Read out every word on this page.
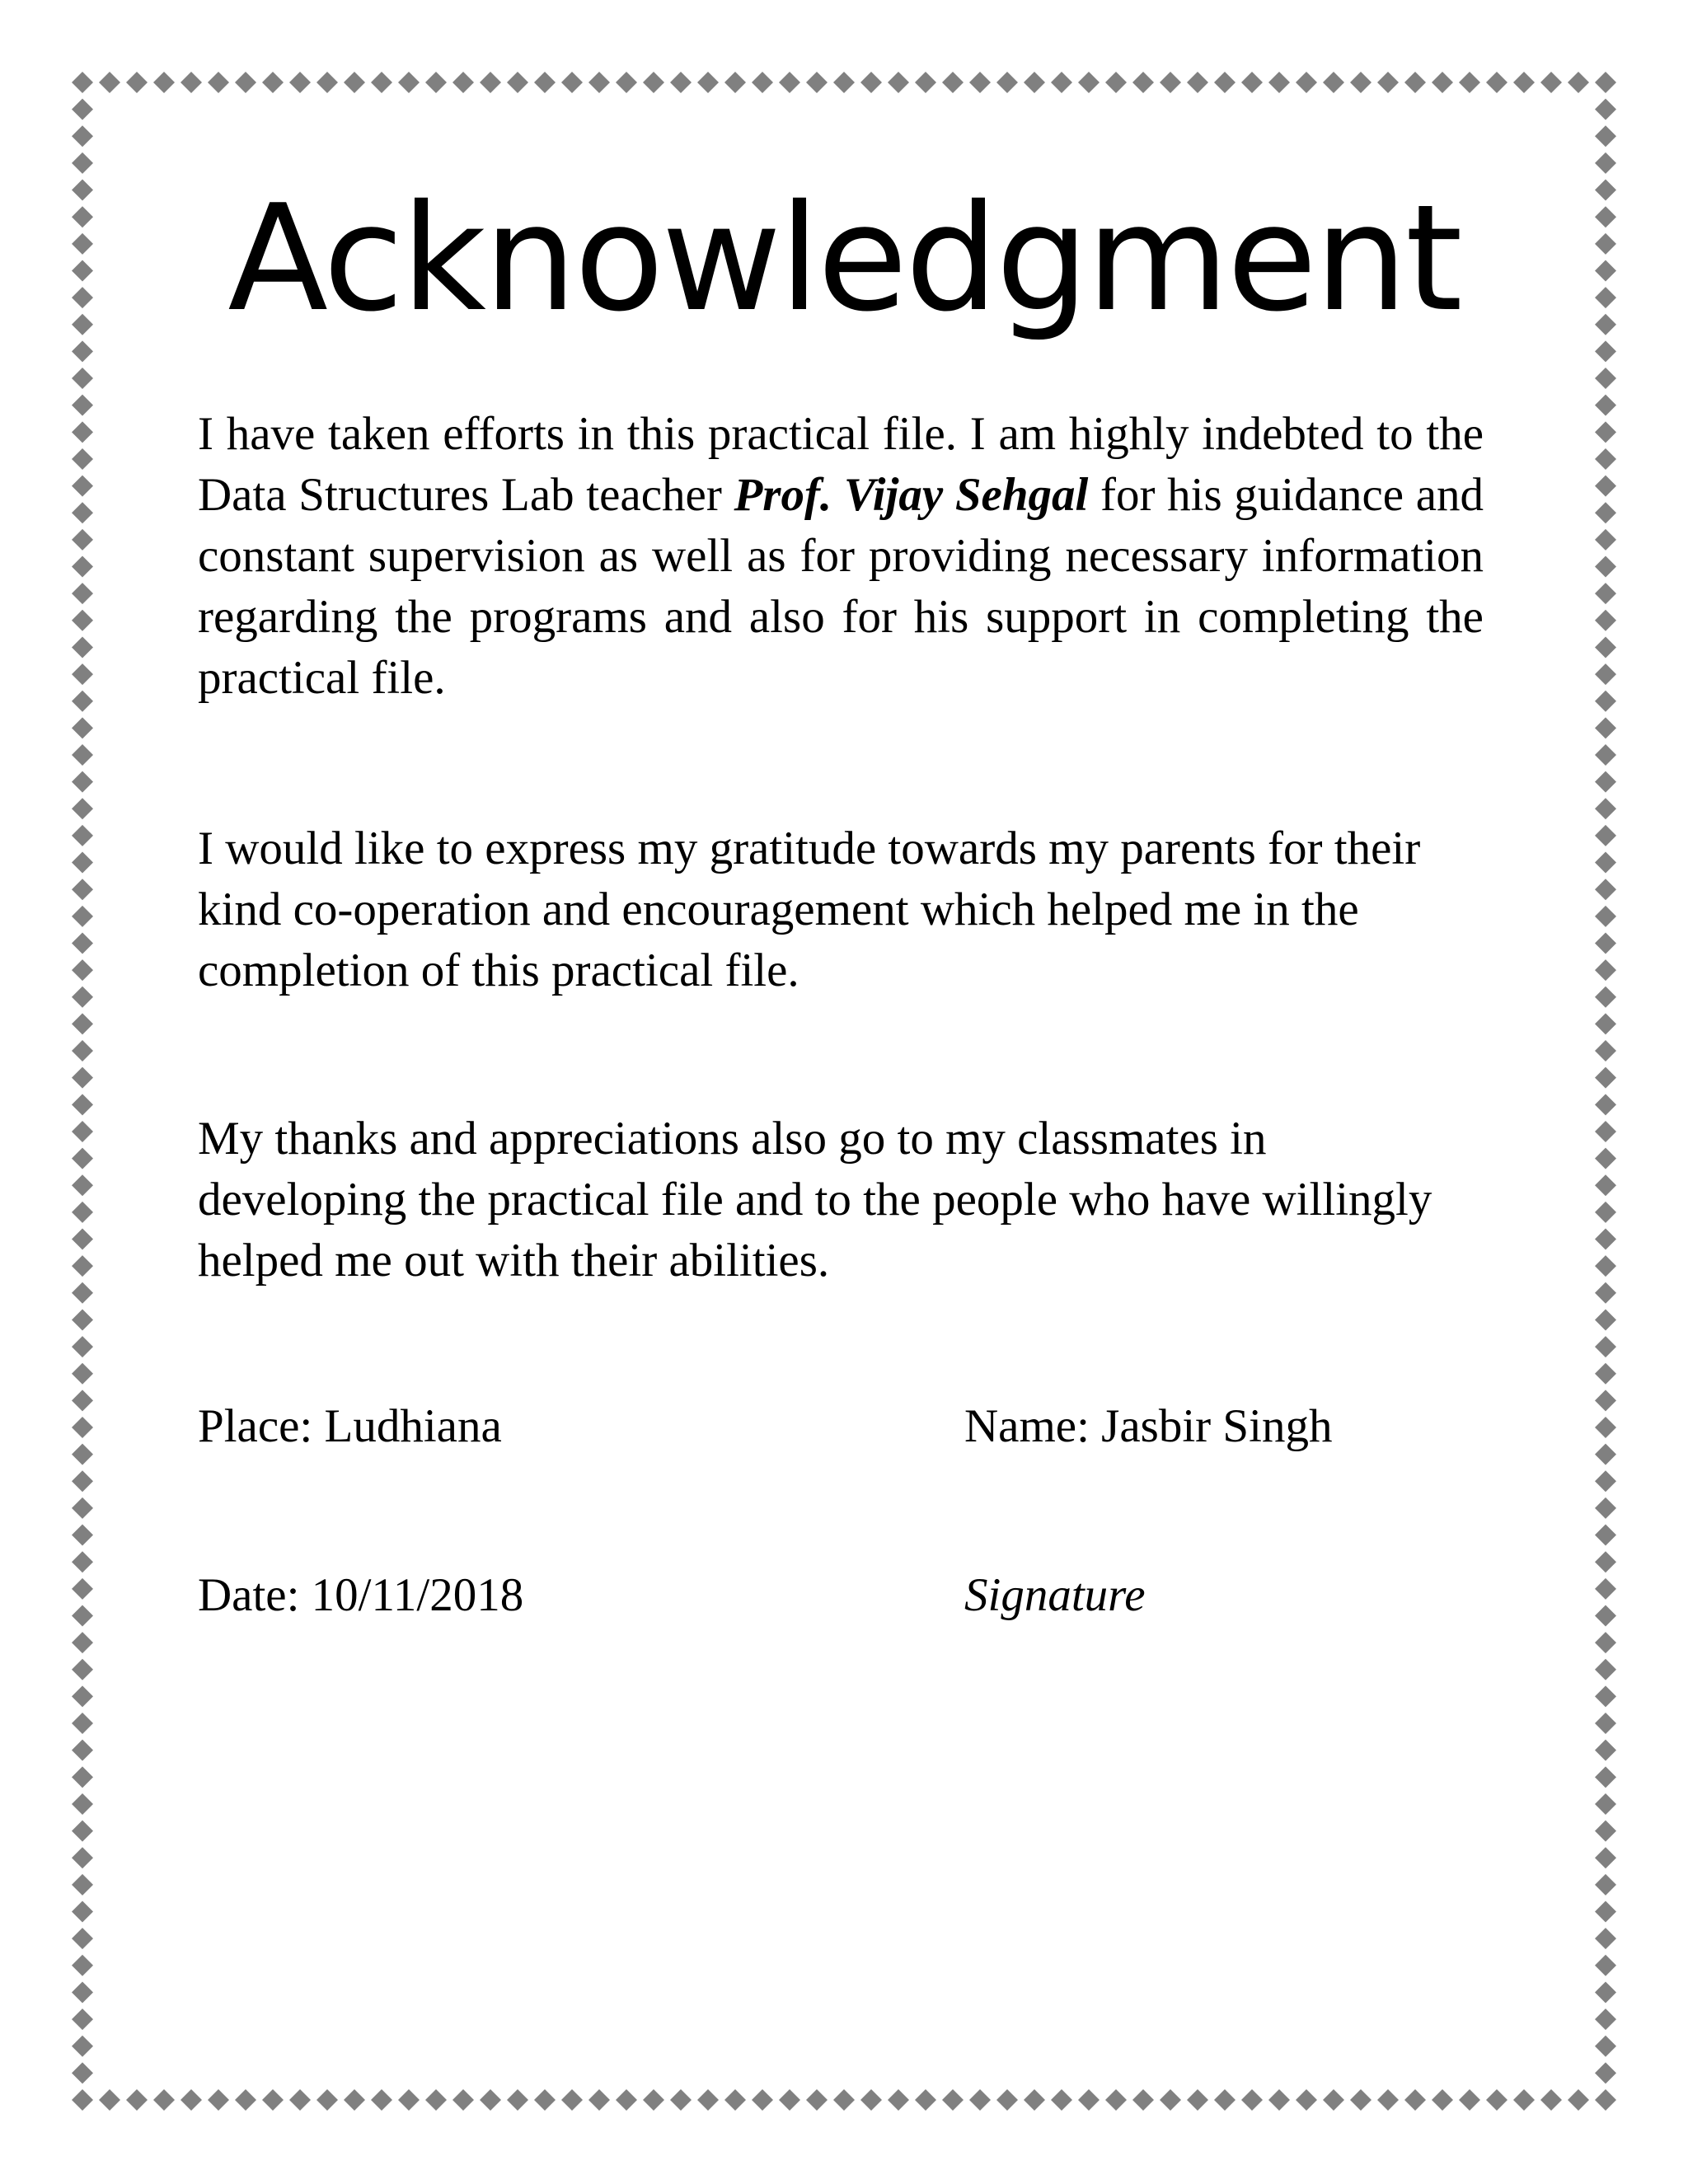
Acknowledgment

I have taken efforts in this practical file. I am highly indebted to the Data Structures Lab teacher Prof. Vijay Sehgal for his guidance and constant supervision as well as for providing necessary information regarding the programs and also for his support in completing the practical file.

I would like to express my gratitude towards my parents for their kind co-operation and encouragement which helped me in the completion of this practical file.

My thanks and appreciations also go to my classmates in developing the practical file and to the people who have willingly helped me out with their abilities.

Place: Ludhiana	Name: Jasbir Singh
Date: 10/11/2018	Signature
